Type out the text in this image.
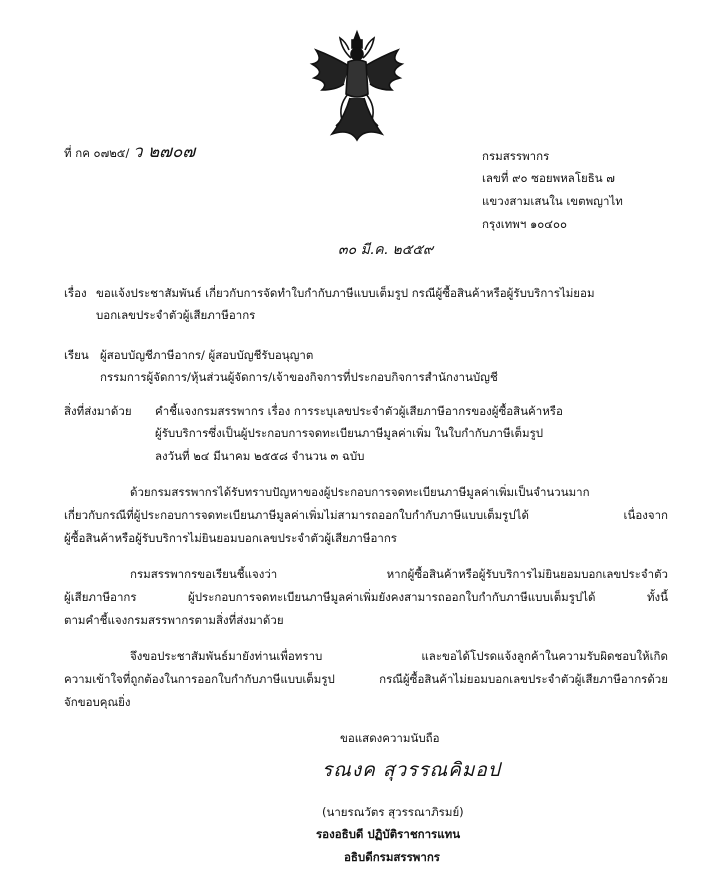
ที่ กค ๐๗๒๕/ ว ๒๗๐๗	กรมสรรพากร
เลขที่ ๙๐ ซอยพหลโยธิน ๗
แขวงสามเสนใน เขตพญาไท
กรุงเทพฯ ๑๐๔๐๐
๓๐ มี.ค. ๒๕๕๙
เรื่อง ขอแจ้งประชาสัมพันธ์ เกี่ยวกับการจัดทำใบกำกับภาษีแบบเต็มรูป กรณีผู้ซื้อสินค้าหรือผู้รับบริการไม่ยอม
บอกเลขประจำตัวผู้เสียภาษีอากร
เรียน ผู้สอบบัญชีภาษีอากร/ ผู้สอบบัญชีรับอนุญาต
กรรมการผู้จัดการ/หุ้นส่วนผู้จัดการ/เจ้าของกิจการที่ประกอบกิจการสำนักงานบัญชี
สิ่งที่ส่งมาด้วย คำชี้แจงกรมสรรพากร เรื่อง การระบุเลขประจำตัวผู้เสียภาษีอากรของผู้ซื้อสินค้าหรือ
ผู้รับบริการซึ่งเป็นผู้ประกอบการจดทะเบียนภาษีมูลค่าเพิ่ม ในใบกำกับภาษีเต็มรูป
ลงวันที่ ๒๔ มีนาคม ๒๕๕๘ จำนวน ๓ ฉบับ
ด้วยกรมสรรพากรได้รับทราบปัญหาของผู้ประกอบการจดทะเบียนภาษีมูลค่าเพิ่มเป็นจำนวนมาก
เกี่ยวกับกรณีที่ผู้ประกอบการจดทะเบียนภาษีมูลค่าเพิ่มไม่สามารถออกใบกำกับภาษีแบบเต็มรูปได้ เนื่องจาก
ผู้ซื้อสินค้าหรือผู้รับบริการไม่ยินยอมบอกเลขประจำตัวผู้เสียภาษีอากร
กรมสรรพากรขอเรียนชี้แจงว่า หากผู้ซื้อสินค้าหรือผู้รับบริการไม่ยินยอมบอกเลขประจำตัว
ผู้เสียภาษีอากร ผู้ประกอบการจดทะเบียนภาษีมูลค่าเพิ่มยังคงสามารถออกใบกำกับภาษีแบบเต็มรูปได้ ทั้งนี้
ตามคำชี้แจงกรมสรรพากรตามสิ่งที่ส่งมาด้วย
จึงขอประชาสัมพันธ์มายังท่านเพื่อทราบ และขอได้โปรดแจ้งลูกค้าในความรับผิดชอบให้เกิด
ความเข้าใจที่ถูกต้องในการออกใบกำกับภาษีแบบเต็มรูป กรณีผู้ซื้อสินค้าไม่ยอมบอกเลขประจำตัวผู้เสียภาษีอากรด้วย
จักขอบคุณยิ่ง
ขอแสดงความนับถือ
รณงค สุวรรณคิมอป
(นายรณวัตร สุวรรณาภิรมย์)
รองอธิบดี ปฏิบัติราชการแทน
อธิบดีกรมสรรพากร
